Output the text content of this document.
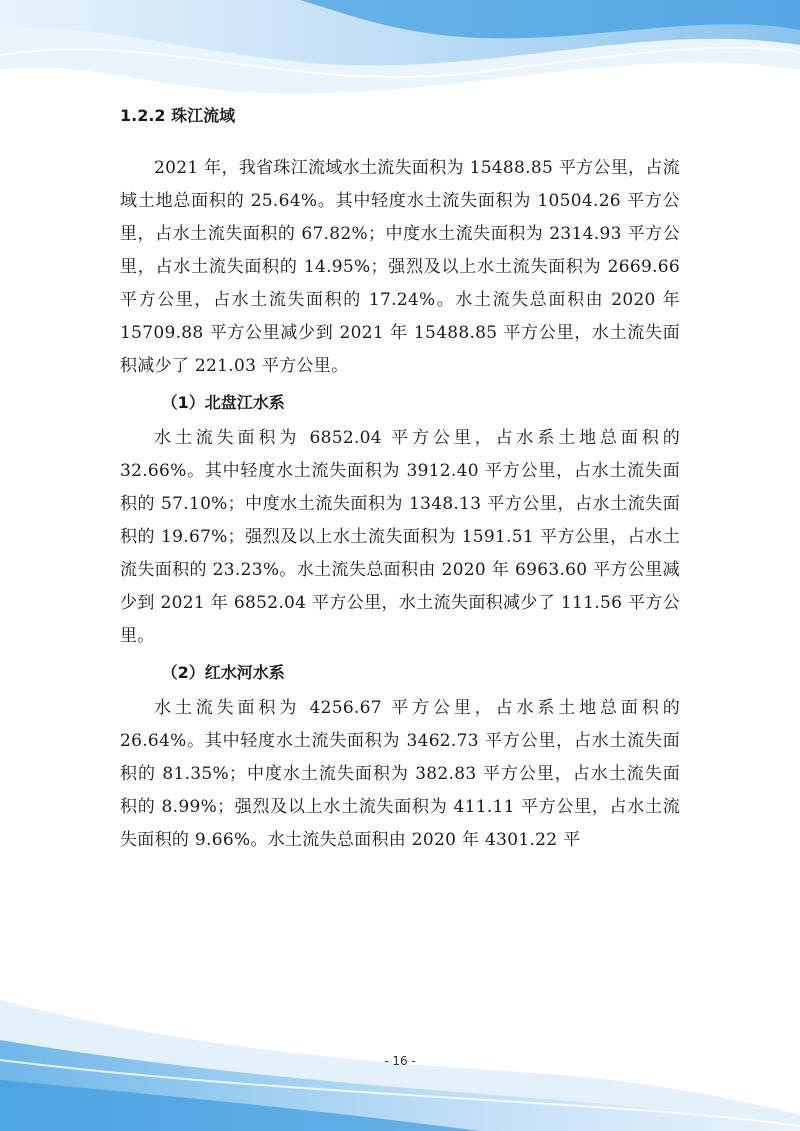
1.2.2 珠江流域

2021 年，我省珠江流域水土流失面积为 15488.85 平方公里，占流域土地总面积的 25.64%。其中轻度水土流失面积为 10504.26 平方公里，占水土流失面积的 67.82%；中度水土流失面积为 2314.93 平方公里，占水土流失面积的 14.95%；强烈及以上水土流失面积为 2669.66 平方公里，占水土流失面积的 17.24%。水土流失总面积由 2020 年 15709.88 平方公里减少到 2021 年 15488.85 平方公里，水土流失面积减少了 221.03 平方公里。

（1）北盘江水系

水土流失面积为 6852.04 平方公里，占水系土地总面积的 32.66%。其中轻度水土流失面积为 3912.40 平方公里，占水土流失面积的 57.10%；中度水土流失面积为 1348.13 平方公里，占水土流失面积的 19.67%；强烈及以上水土流失面积为 1591.51 平方公里，占水土流失面积的 23.23%。水土流失总面积由 2020 年 6963.60 平方公里减少到 2021 年 6852.04 平方公里，水土流失面积减少了 111.56 平方公里。

（2）红水河水系

水土流失面积为 4256.67 平方公里，占水系土地总面积的 26.64%。其中轻度水土流失面积为 3462.73 平方公里，占水土流失面积的 81.35%；中度水土流失面积为 382.83 平方公里，占水土流失面积的 8.99%；强烈及以上水土流失面积为 411.11 平方公里，占水土流失面积的 9.66%。水土流失总面积由 2020 年 4301.22 平

- 16 -
